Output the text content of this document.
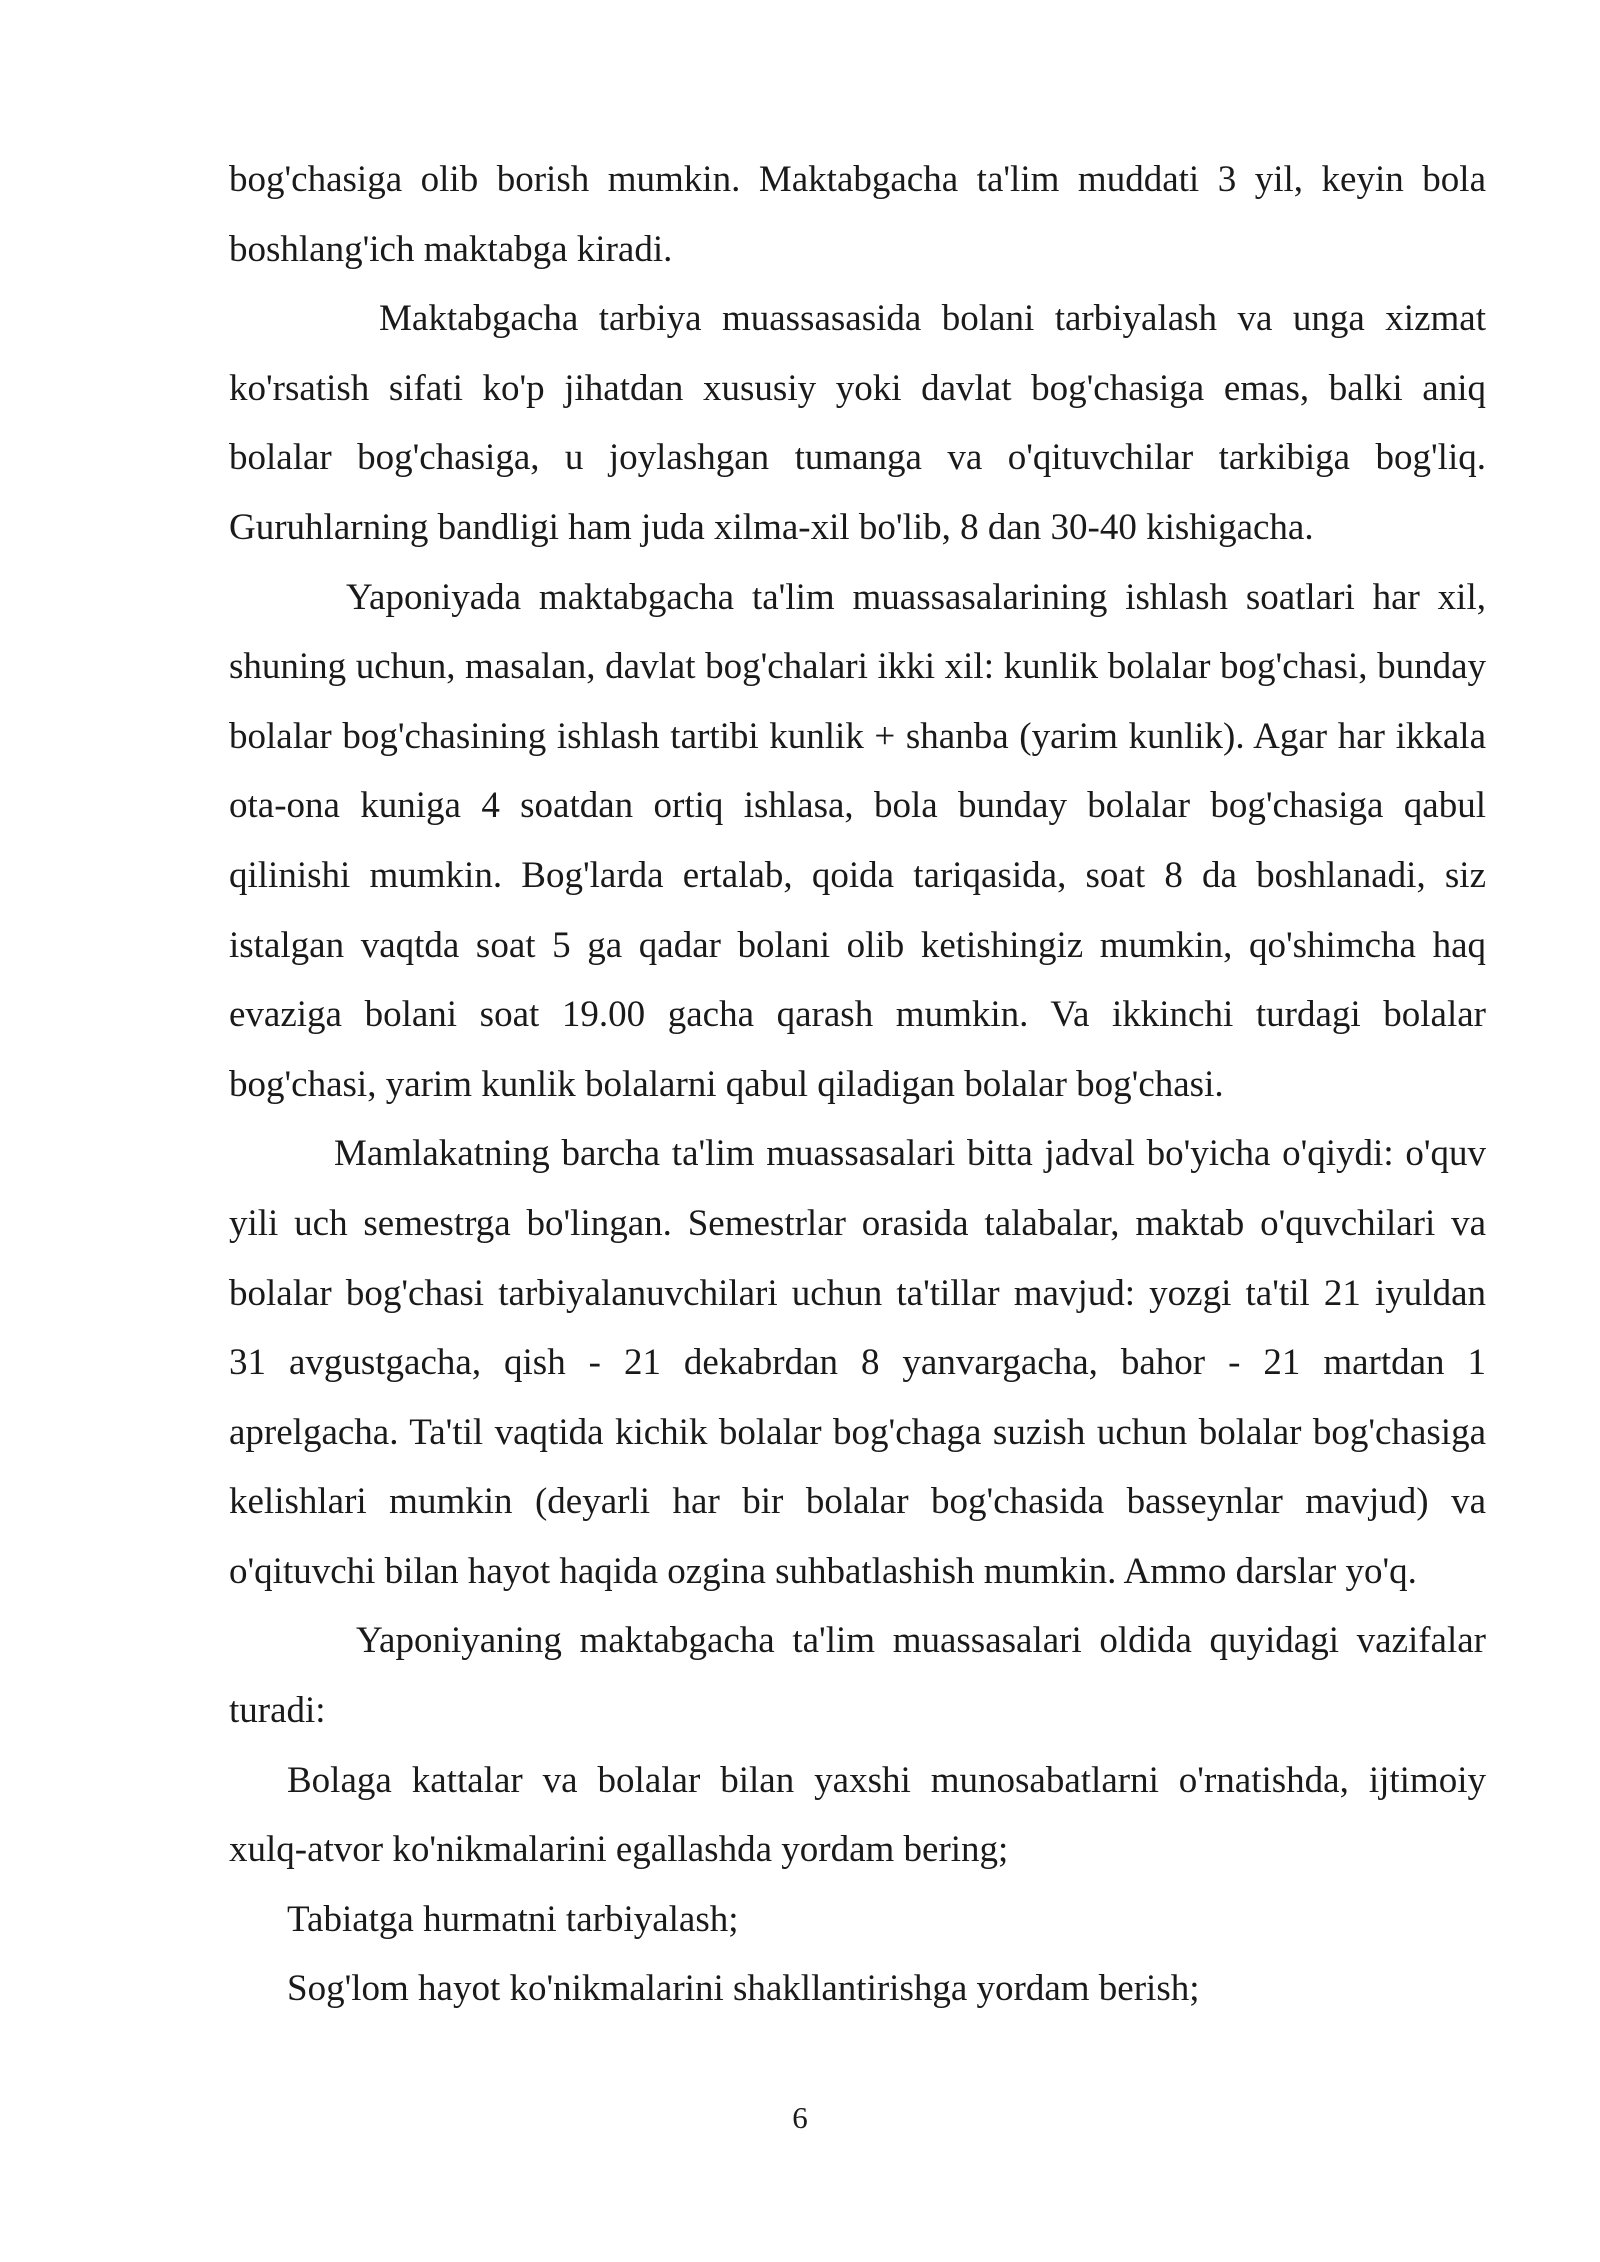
bog'chasiga olib borish mumkin. Maktabgacha ta'lim muddati 3 yil, keyin bola boshlang'ich maktabga kiradi.

Maktabgacha tarbiya muassasasida bolani tarbiyalash va unga xizmat ko'rsatish sifati ko'p jihatdan xususiy yoki davlat bog'chasiga emas, balki aniq bolalar bog'chasiga, u joylashgan tumanga va o'qituvchilar tarkibiga bog'liq. Guruhlarning bandligi ham juda xilma-xil bo'lib, 8 dan 30-40 kishigacha.

Yaponiyada maktabgacha ta'lim muassasalarining ishlash soatlari har xil, shuning uchun, masalan, davlat bog'chalari ikki xil: kunlik bolalar bog'chasi, bunday bolalar bog'chasining ishlash tartibi kunlik + shanba (yarim kunlik). Agar har ikkala ota-ona kuniga 4 soatdan ortiq ishlasa, bola bunday bolalar bog'chasiga qabul qilinishi mumkin. Bog'larda ertalab, qoida tariqasida, soat 8 da boshlanadi, siz istalgan vaqtda soat 5 ga qadar bolani olib ketishingiz mumkin, qo'shimcha haq evaziga bolani soat 19.00 gacha qarash mumkin. Va ikkinchi turdagi bolalar bog'chasi, yarim kunlik bolalarni qabul qiladigan bolalar bog'chasi.

Mamlakatning barcha ta'lim muassasalari bitta jadval bo'yicha o'qiydi: o'quv yili uch semestrga bo'lingan. Semestrlar orasida talabalar, maktab o'quvchilari va bolalar bog'chasi tarbiyalanuvchilari uchun ta'tillar mavjud: yozgi ta'til 21 iyuldan 31 avgustgacha, qish - 21 dekabrdan 8 yanvargacha, bahor - 21 martdan 1 aprelgacha. Ta'til vaqtida kichik bolalar bog'chaga suzish uchun bolalar bog'chasiga kelishlari mumkin (deyarli har bir bolalar bog'chasida basseynlar mavjud) va o'qituvchi bilan hayot haqida ozgina suhbatlashish mumkin. Ammo darslar yo'q.

Yaponiyaning maktabgacha ta'lim muassasalari oldida quyidagi vazifalar turadi:

Bolaga kattalar va bolalar bilan yaxshi munosabatlarni o'rnatishda, ijtimoiy xulq-atvor ko'nikmalarini egallashda yordam bering;

Tabiatga hurmatni tarbiyalash;

Sog'lom hayot ko'nikmalarini shakllantirishga yordam berish;

6
